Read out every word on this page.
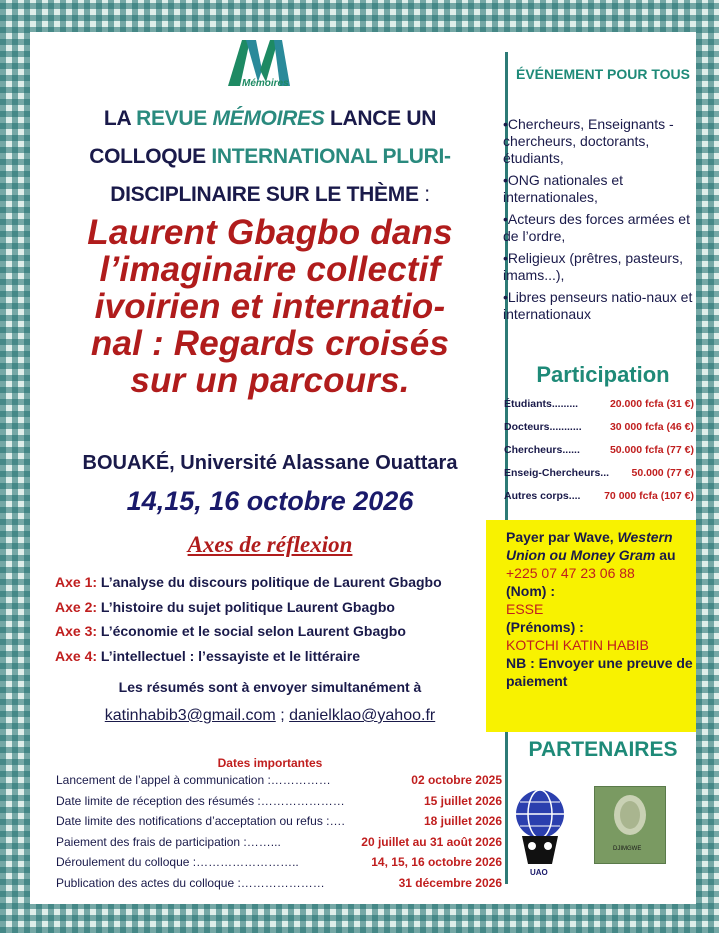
Mémoires
LA REVUE MÉMOIRES LANCE UN
COLLOQUE INTERNATIONAL PLURI-
DISCIPLINAIRE SUR LE THÈME :
Laurent Gbagbo dans
l’imaginaire collectif
ivoirien et internatio-
nal : Regards croisés
sur un parcours.
BOUAKÉ, Université Alassane Ouattara
14,15, 16 octobre 2026
Axes de réflexion
Axe 1: L’analyse du discours politique de Laurent Gbagbo
Axe 2: L’histoire du sujet politique Laurent Gbagbo
Axe 3: L’économie et le social selon Laurent Gbagbo
Axe 4: L’intellectuel : l’essayiste et le littéraire
Les résumés sont à envoyer simultanément à
katinhabib3@gmail.com ; danielklao@yahoo.fr
Dates importantes
Lancement de l’appel à communication : ……………	02 octobre 2025
Date limite de réception des résumés : …………………	15 juillet 2026
Date limite des notifications d’acceptation ou refus : ….	18 juillet 2026
Paiement des frais de participation : ……...	20 juillet au 31 août 2026
Déroulement du colloque : ……………………..	14, 15, 16 octobre 2026
Publication des actes du colloque : …………………	31 décembre 2026
ÉVÉNEMENT POUR TOUS
•Chercheurs, Enseignants -chercheurs, doctorants, étudiants,
•ONG nationales et internationales,
•Acteurs des forces armées et de l’ordre,
•Religieux (prêtres, pasteurs, imams...),
•Libres penseurs natio-naux et internationaux
Participation
Étudiants .........	20.000 fcfa (31 €)
Docteurs ...........	30 000 fcfa (46 €)
Chercheurs ......	50.000 fcfa (77 €)
Enseig-Chercheurs ...	50.000 (77 €)
Autres corps ....	70 000 fcfa (107 €)
Payer par Wave, Western Union ou Money Gram au
+225 07 47 23 06 88
(Nom) :
ESSE
(Prénoms) :
KOTCHI KATIN HABIB
NB : Envoyer une preuve de paiement
PARTENAIRES
UAO
DJIMGWE
